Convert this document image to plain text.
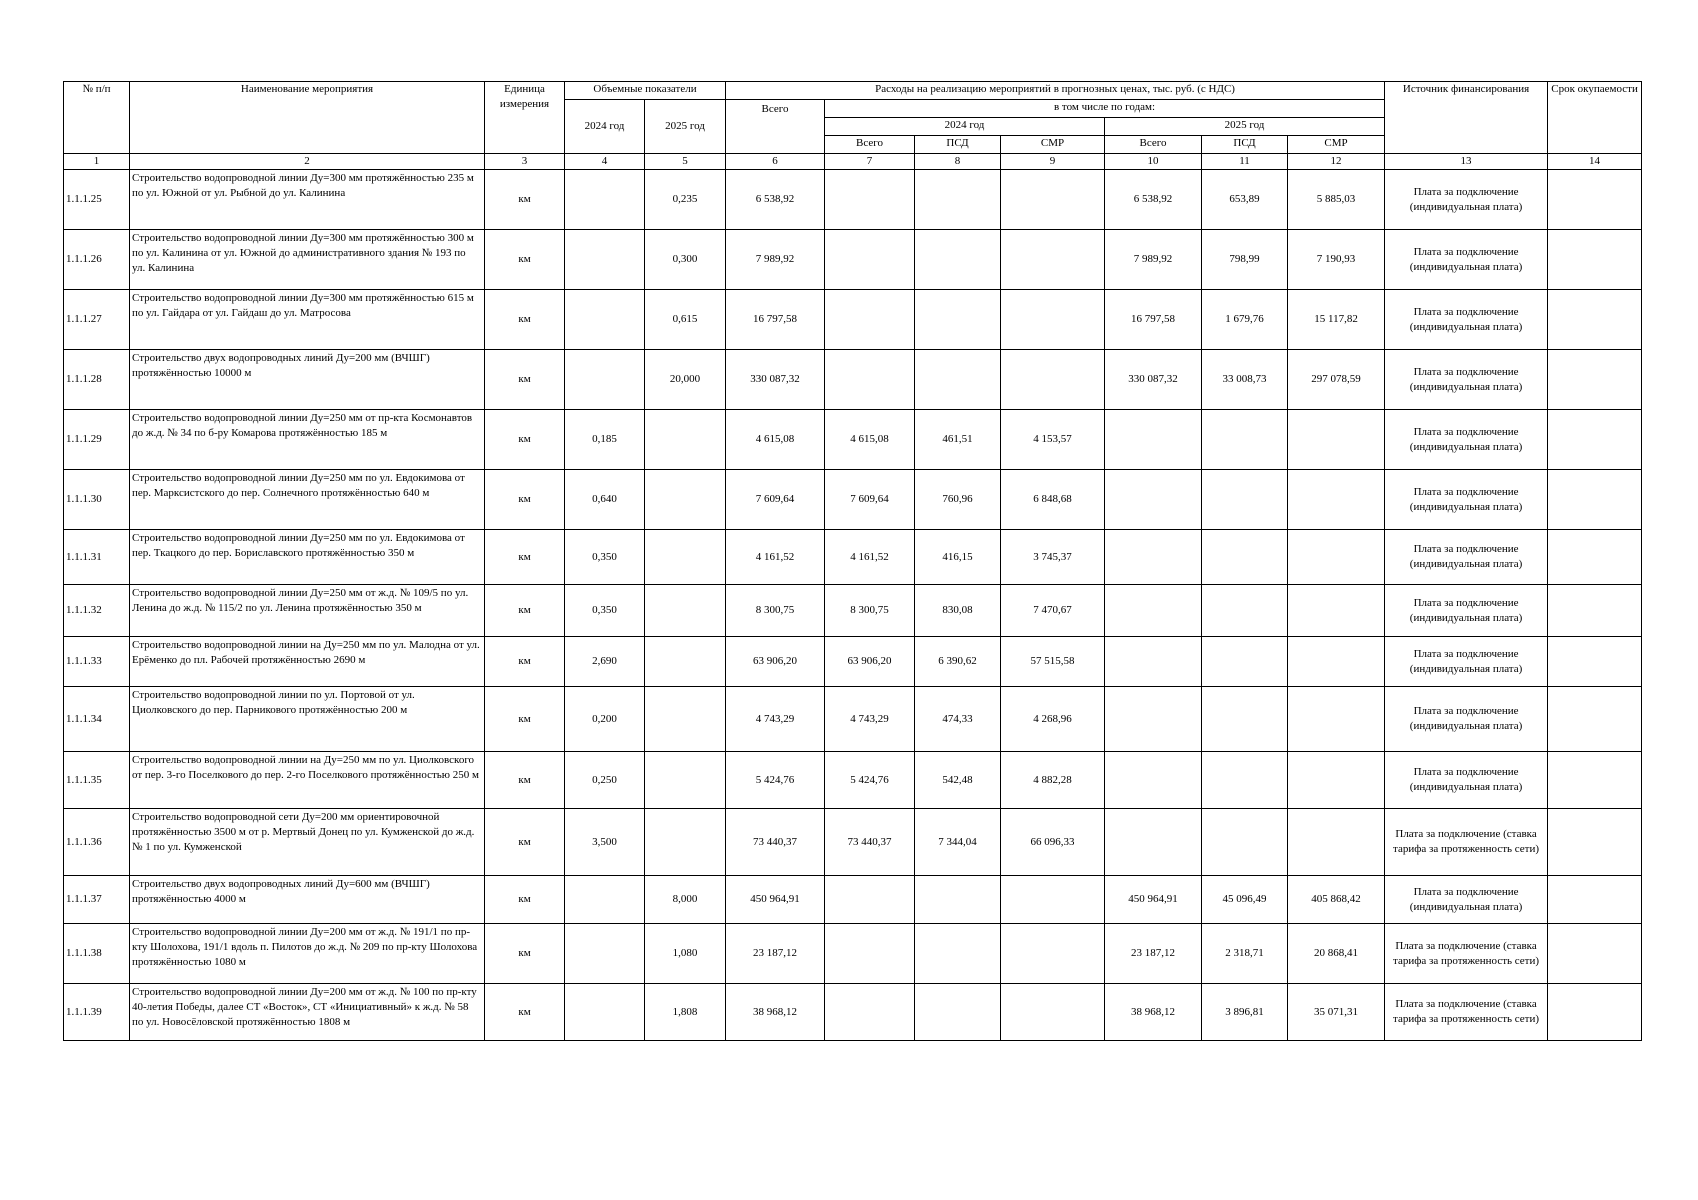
№ п/п	Наименование мероприятия	Единица измерения	Объемные показатели		Расходы на реализацию мероприятий в прогнозных ценах, тыс. руб. (с НДС)							Источник финансирования	Срок окупаемости
			2024 год	2025 год	Всего	в том числе по годам:							
						2024 год			2025 год				
						Всего	ПСД	СМР	Всего	ПСД	СМР		
1	2	3	4	5	6	7	8	9	10	11	12	13	14
1.1.1.25	Строительство водопроводной линии Ду=300 мм протяжённостью 235 м по ул. Южной от ул. Рыбной до ул. Калинина	км		0,235	6 538,92				6 538,92	653,89	5 885,03	Плата за подключение (индивидуальная плата)	
1.1.1.26	Строительство водопроводной линии Ду=300 мм протяжённостью 300 м по ул. Калинина от ул. Южной до административного здания № 193 по ул. Калинина	км		0,300	7 989,92				7 989,92	798,99	7 190,93	Плата за подключение (индивидуальная плата)	
1.1.1.27	Строительство водопроводной линии Ду=300 мм протяжённостью 615 м по ул. Гайдара от ул. Гайдаш до ул. Матросова	км		0,615	16 797,58				16 797,58	1 679,76	15 117,82	Плата за подключение (индивидуальная плата)	
1.1.1.28	Строительство двух водопроводных линий Ду=200 мм (ВЧШГ) протяжённостью 10000 м	км		20,000	330 087,32				330 087,32	33 008,73	297 078,59	Плата за подключение (индивидуальная плата)	
1.1.1.29	Строительство водопроводной линии Ду=250 мм от пр-кта Космонавтов до ж.д. № 34 по б-ру Комарова протяжённостью 185 м	км	0,185		4 615,08	4 615,08	461,51	4 153,57				Плата за подключение (индивидуальная плата)	
1.1.1.30	Строительство водопроводной линии Ду=250 мм по ул. Евдокимова от пер. Марксистского до пер. Солнечного протяжённостью 640 м	км	0,640		7 609,64	7 609,64	760,96	6 848,68				Плата за подключение (индивидуальная плата)	
1.1.1.31	Строительство водопроводной линии Ду=250 мм по ул. Евдокимова от пер. Ткацкого до пер. Бориславского протяжённостью 350 м	км	0,350		4 161,52	4 161,52	416,15	3 745,37				Плата за подключение (индивидуальная плата)	
1.1.1.32	Строительство водопроводной линии Ду=250 мм от ж.д. № 109/5 по ул. Ленина до ж.д. № 115/2 по ул. Ленина протяжённостью 350 м	км	0,350		8 300,75	8 300,75	830,08	7 470,67				Плата за подключение (индивидуальная плата)	
1.1.1.33	Строительство водопроводной линии на Ду=250 мм по ул. Малодна от ул. Ерёменко до пл. Рабочей протяжённостью 2690 м	км	2,690		63 906,20	63 906,20	6 390,62	57 515,58				Плата за подключение (индивидуальная плата)	
1.1.1.34	Строительство водопроводной линии по ул. Портовой от ул. Циолковского до пер. Парникового протяжённостью 200 м	км	0,200		4 743,29	4 743,29	474,33	4 268,96				Плата за подключение (индивидуальная плата)	
1.1.1.35	Строительство водопроводной линии на Ду=250 мм по ул. Циолковского от пер. 3-го Поселкового до пер. 2-го Поселкового протяжённостью 250 м	км	0,250		5 424,76	5 424,76	542,48	4 882,28				Плата за подключение (индивидуальная плата)	
1.1.1.36	Строительство водопроводной сети Ду=200 мм ориентировочной протяжённостью 3500 м от р. Мертвый Донец по ул. Кумженской до ж.д. № 1 по ул. Кумженской	км	3,500		73 440,37	73 440,37	7 344,04	66 096,33				Плата за подключение (ставка тарифа за протяженность сети)	
1.1.1.37	Строительство двух водопроводных линий Ду=600 мм (ВЧШГ) протяжённостью 4000 м	км		8,000	450 964,91				450 964,91	45 096,49	405 868,42	Плата за подключение (индивидуальная плата)	
1.1.1.38	Строительство водопроводной линии Ду=200 мм от ж.д. № 191/1 по пр-кту Шолохова, 191/1 вдоль п. Пилотов до ж.д. № 209 по пр-кту Шолохова протяжённостью 1080 м	км		1,080	23 187,12				23 187,12	2 318,71	20 868,41	Плата за подключение (ставка тарифа за протяженность сети)	
1.1.1.39	Строительство водопроводной линии Ду=200 мм от ж.д. № 100 по пр-кту 40-летия Победы, далее СТ «Восток», СТ «Инициативный» к ж.д. № 58 по ул. Новосёловской протяжённостью 1808 м	км		1,808	38 968,12				38 968,12	3 896,81	35 071,31	Плата за подключение (ставка тарифа за протяженность сети)	
